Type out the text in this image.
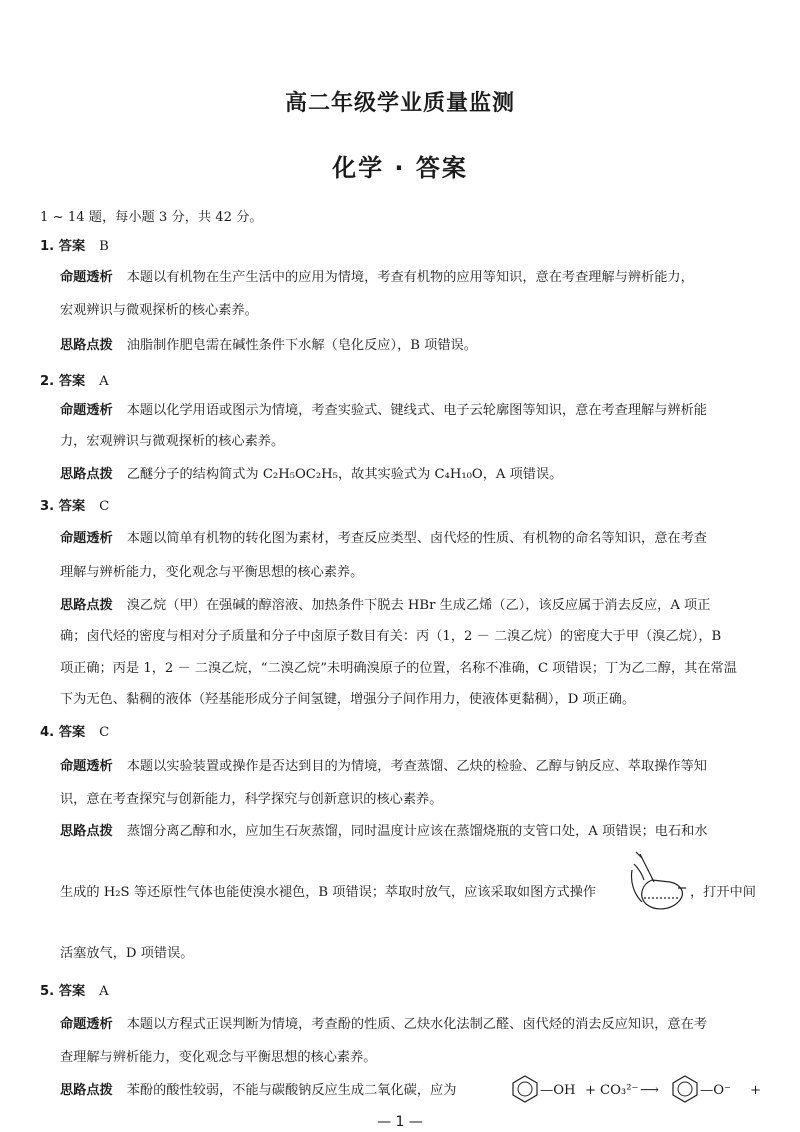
高二年级学业质量监测
化学 · 答案
1 ~ 14 题，每小题 3 分，共 42 分。
1. 答案 B
命题透析 本题以有机物在生产生活中的应用为情境，考查有机物的应用等知识，意在考查理解与辨析能力，
宏观辨识与微观探析的核心素养。
思路点拨 油脂制作肥皂需在碱性条件下水解（皂化反应），B 项错误。
2. 答案 A
命题透析 本题以化学用语或图示为情境，考查实验式、键线式、电子云轮廓图等知识，意在考查理解与辨析能
力，宏观辨识与微观探析的核心素养。
思路点拨 乙醚分子的结构简式为 C₂H₅OC₂H₅，故其实验式为 C₄H₁₀O，A 项错误。
3. 答案 C
命题透析 本题以简单有机物的转化图为素材，考查反应类型、卤代烃的性质、有机物的命名等知识，意在考查
理解与辨析能力，变化观念与平衡思想的核心素养。
思路点拨 溴乙烷（甲）在强碱的醇溶液、加热条件下脱去 HBr 生成乙烯（乙），该反应属于消去反应，A 项正
确；卤代烃的密度与相对分子质量和分子中卤原子数目有关：丙（1，2 － 二溴乙烷）的密度大于甲（溴乙烷），B
项正确；丙是 1，2 － 二溴乙烷，“二溴乙烷”未明确溴原子的位置，名称不准确，C 项错误；丁为乙二醇，其在常温
下为无色、黏稠的液体（羟基能形成分子间氢键，增强分子间作用力，使液体更黏稠），D 项正确。
4. 答案 C
命题透析 本题以实验装置或操作是否达到目的为情境，考查蒸馏、乙炔的检验、乙醇与钠反应、萃取操作等知
识，意在考查探究与创新能力，科学探究与创新意识的核心素养。
思路点拨 蒸馏分离乙醇和水，应加生石灰蒸馏，同时温度计应该在蒸馏烧瓶的支管口处，A 项错误；电石和水
生成的 H₂S 等还原性气体也能使溴水褪色，B 项错误；萃取时放气，应该采取如图方式操作	，打开中间
活塞放气，D 项错误。
5. 答案 A
命题透析 本题以方程式正误判断为情境，考查酚的性质、乙炔水化法制乙醛、卤代烃的消去反应知识，意在考
查理解与辨析能力，变化观念与平衡思想的核心素养。
思路点拨 苯酚的酸性较弱，不能与碳酸钠反应生成二氧化碳，应为	—OH + CO₃²⁻ ⟶	—O⁻ +
— 1 —
